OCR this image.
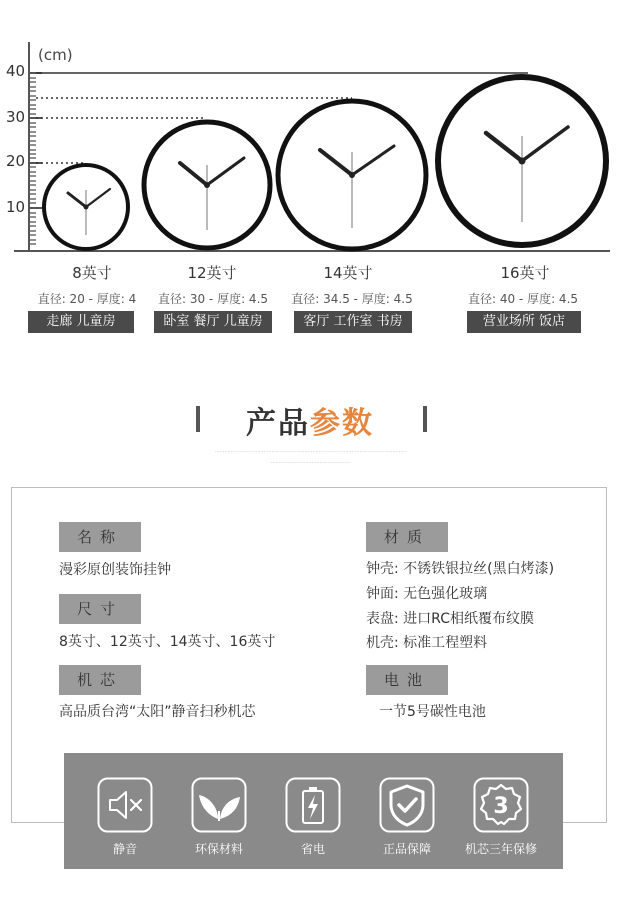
(cm)
40
30
20
10
8英寸
直径: 20 - 厚度: 4
走廊 儿童房
12英寸
直径: 30 - 厚度: 4.5
卧室 餐厅 儿童房
14英寸
直径: 34.5 - 厚度: 4.5
客厅 工作室 书房
16英寸
直径: 40 - 厚度: 4.5
营业场所 饭店
产品参数
··························································································································
···················································
名称
漫彩原创装饰挂钟
尺寸
8英寸、12英寸、14英寸、16英寸
机芯
高品质台湾“太阳”静音扫秒机芯
材质
钟壳: 不锈铁银拉丝(黑白烤漆)
钟面: 无色强化玻璃
表盘: 进口RC相纸覆布纹膜
机壳: 标准工程塑料
电池
一节5号碳性电池
静音	环保材料	省电	正品保障
3
机芯三年保修
